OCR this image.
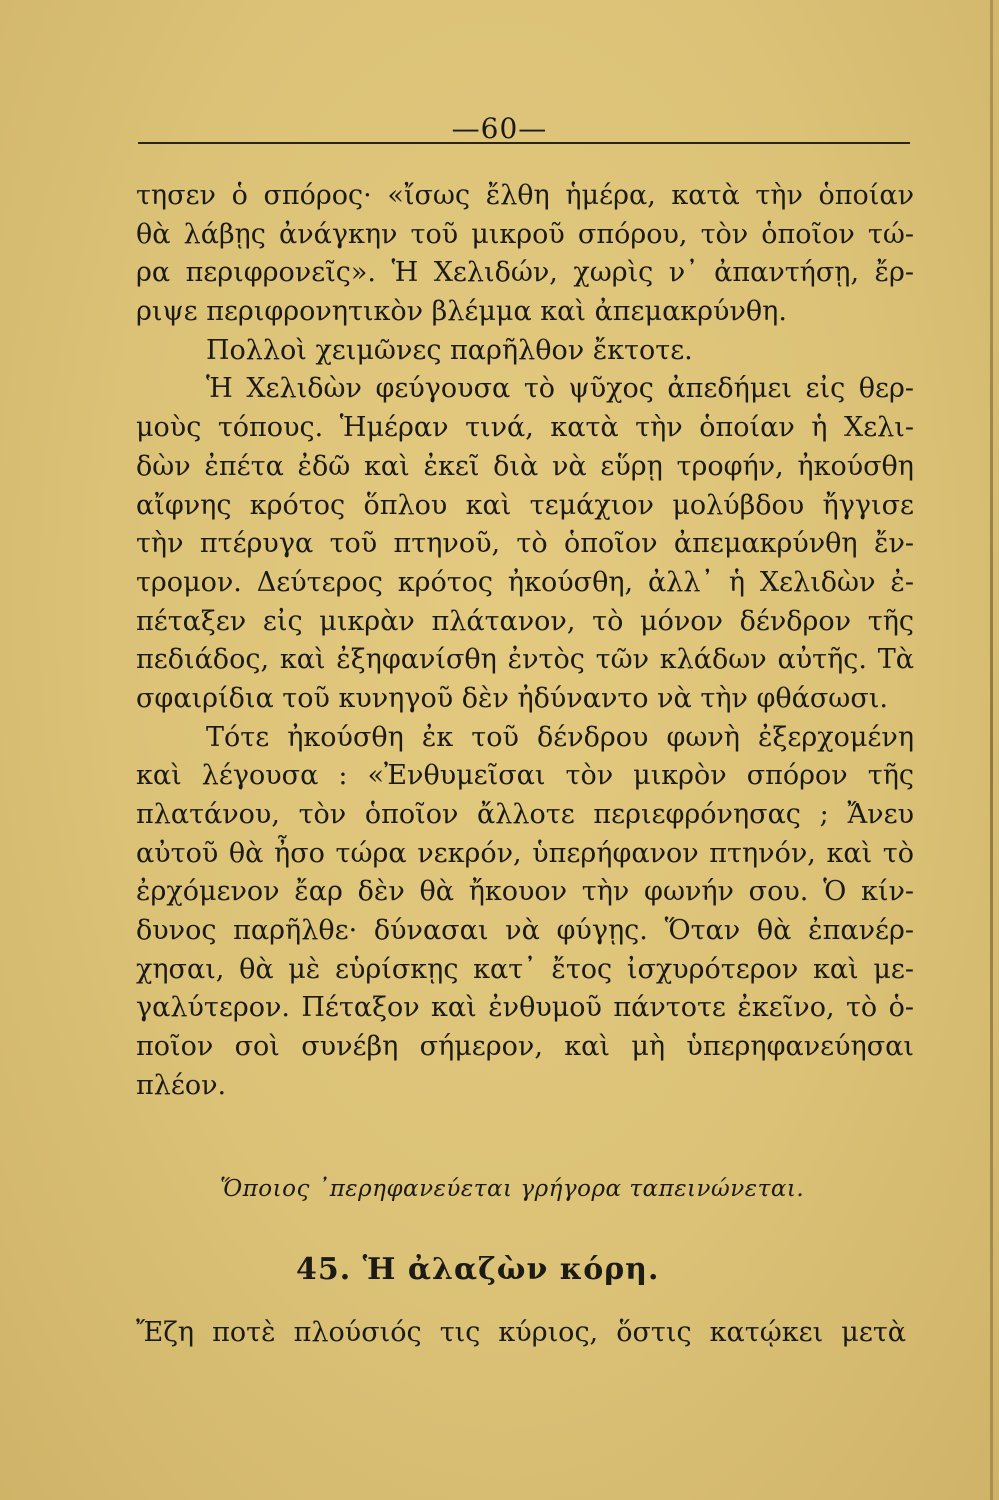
—60—
τησεν ὁ σπόρος· «ἴσως ἔλθη ἡμέρα, κατὰ τὴν ὁποίαν
θὰ λάβῃς ἀνάγκην τοῦ μικροῦ σπόρου, τὸν ὁποῖον τώ-
ρα περιφρονεῖς». Ἡ Χελιδών, χωρὶς ν᾽ ἀπαντήσῃ, ἔρ-
ριψε περιφρονητικὸν βλέμμα καὶ ἀπεμακρύνθη.
Πολλοὶ χειμῶνες παρῆλθον ἔκτοτε.
Ἡ Χελιδὼν φεύγουσα τὸ ψῦχος ἀπεδήμει εἰς θερ-
μοὺς τόπους. Ἡμέραν τινά, κατὰ τὴν ὁποίαν ἡ Χελι-
δὼν ἐπέτα ἐδῶ καὶ ἐκεῖ διὰ νὰ εὕρῃ τροφήν, ἠκούσθη
αἴφνης κρότος ὅπλου καὶ τεμάχιον μολύβδου ἤγγισε
τὴν πτέρυγα τοῦ πτηνοῦ, τὸ ὁποῖον ἀπεμακρύνθη ἔν-
τρομον. Δεύτερος κρότος ἠκούσθη, ἀλλ᾽ ἡ Χελιδὼν ἐ-
πέταξεν εἰς μικρὰν πλάτανον, τὸ μόνον δένδρον τῆς
πεδιάδος, καὶ ἐξηφανίσθη ἐντὸς τῶν κλάδων αὐτῆς. Τὰ
σφαιρίδια τοῦ κυνηγοῦ δὲν ἠδύναντο νὰ τὴν φθάσωσι.
Τότε ἠκούσθη ἐκ τοῦ δένδρου φωνὴ ἐξερχομένη
καὶ λέγουσα : «Ἐνθυμεῖσαι τὸν μικρὸν σπόρον τῆς
πλατάνου, τὸν ὁποῖον ἄλλοτε περιεφρόνησας ; Ἄνευ
αὐτοῦ θὰ ἦσο τώρα νεκρόν, ὑπερήφανον πτηνόν, καὶ τὸ
ἐρχόμενον ἔαρ δὲν θὰ ἤκουον τὴν φωνήν σου. Ὁ κίν-
δυνος παρῆλθε· δύνασαι νὰ φύγῃς. Ὅταν θὰ ἐπανέρ-
χησαι, θὰ μὲ εὑρίσκῃς κατ᾽ ἔτος ἰσχυρότερον καὶ με-
γαλύτερον. Πέταξον καὶ ἐνθυμοῦ πάντοτε ἐκεῖνο, τὸ ὁ-
ποῖον σοὶ συνέβη σήμερον, καὶ μὴ ὑπερηφανεύησαι
πλέον.
Ὅποιος ᾽περηφανεύεται γρήγορα ταπεινώνεται.
45. Ἡ ἀλαζὼν κόρη.
Ἔζη ποτὲ πλούσιός τις κύριος, ὅστις κατῴκει μετὰ
